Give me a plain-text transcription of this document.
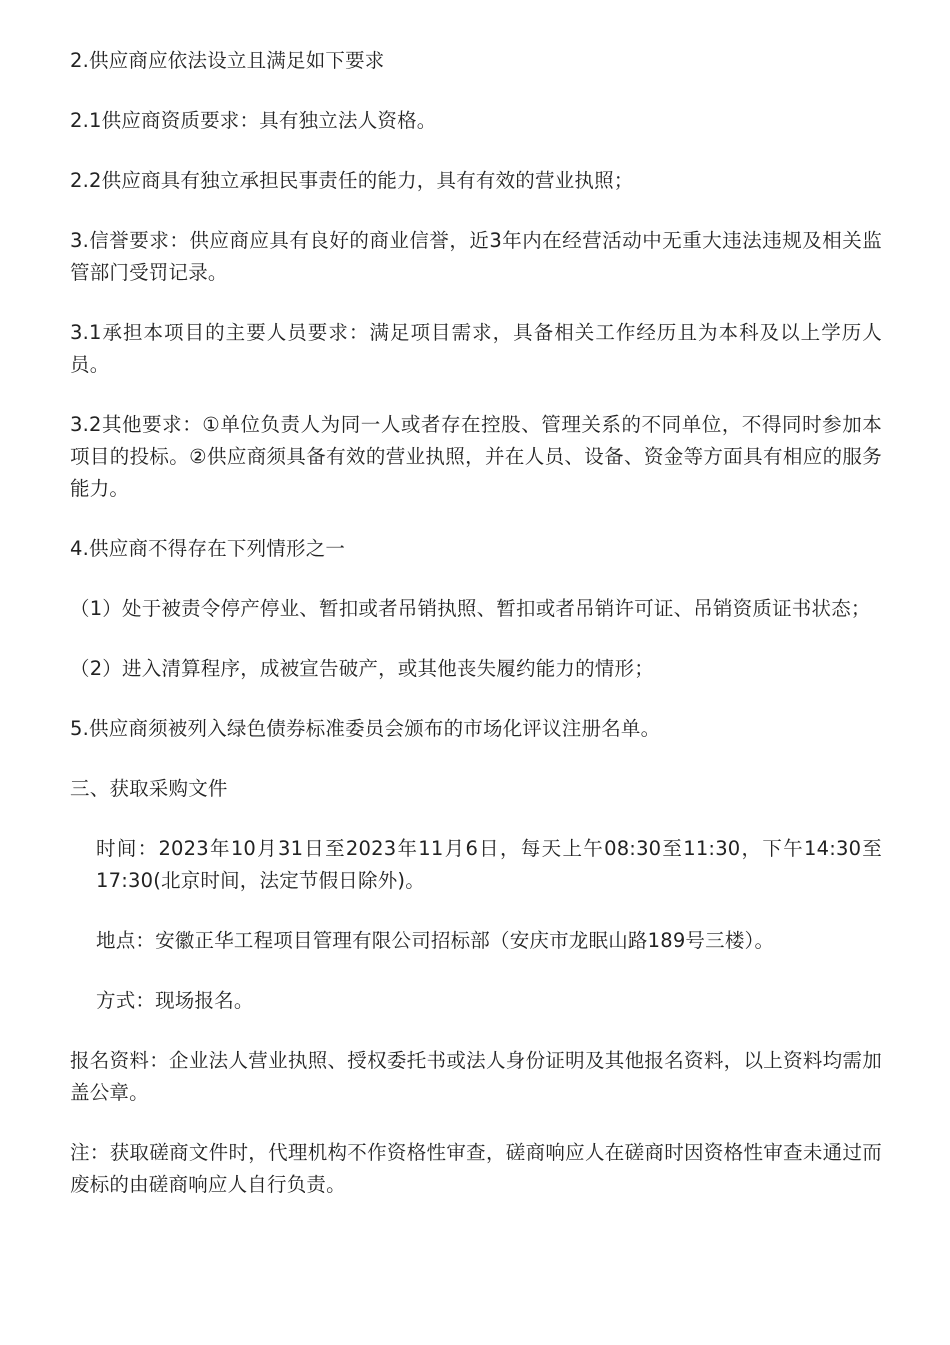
2.供应商应依法设立且满足如下要求

2.1供应商资质要求：具有独立法人资格。

2.2供应商具有独立承担民事责任的能力，具有有效的营业执照；

3.信誉要求：供应商应具有良好的商业信誉，近3年内在经营活动中无重大违法违规及相关监管部门受罚记录。

3.1承担本项目的主要人员要求：满足项目需求，具备相关工作经历且为本科及以上学历人员。

3.2其他要求：①单位负责人为同一人或者存在控股、管理关系的不同单位，不得同时参加本项目的投标。②供应商须具备有效的营业执照，并在人员、设备、资金等方面具有相应的服务能力。

4.供应商不得存在下列情形之一

（1）处于被责令停产停业、暂扣或者吊销执照、暂扣或者吊销许可证、吊销资质证书状态；

（2）进入清算程序，成被宣告破产，或其他丧失履约能力的情形；

5.供应商须被列入绿色债券标准委员会颁布的市场化评议注册名单。

三、获取采购文件

时间：2023年10月31日至2023年11月6日，每天上午08:30至11:30，下午14:30至17:30(北京时间，法定节假日除外)。

地点：安徽正华工程项目管理有限公司招标部（安庆市龙眠山路189号三楼）。

方式：现场报名。

报名资料：企业法人营业执照、授权委托书或法人身份证明及其他报名资料，以上资料均需加盖公章。

注：获取磋商文件时，代理机构不作资格性审查，磋商响应人在磋商时因资格性审查未通过而废标的由磋商响应人自行负责。
